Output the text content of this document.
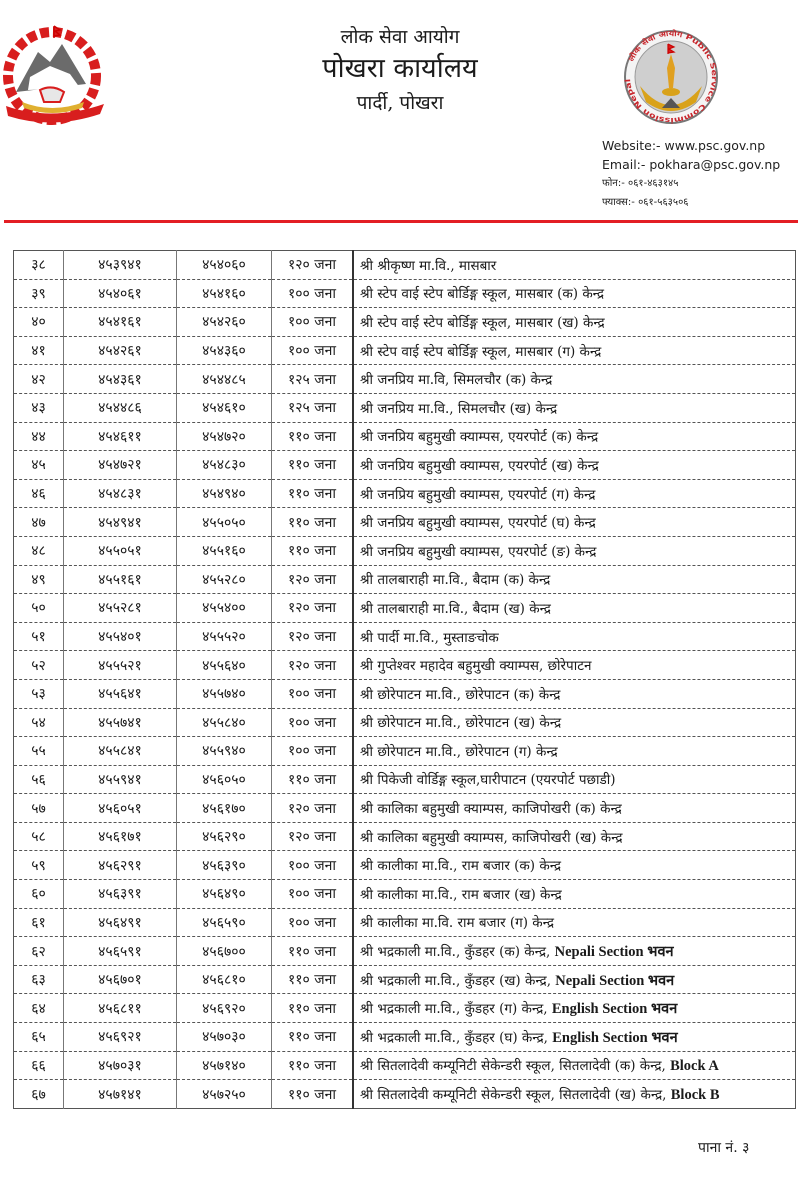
लोक सेवा आयोग
पोखरा कार्यालय
पार्दी, पोखरा
लोक सेवा आयोग Public Service Commission Nepal
Website:- www.psc.gov.np
Email:- pokhara@psc.gov.np
फोन:- ०६१-४६३१४५
फ्याक्स:- ०६१-५६३५०६
३८	४५३९४१	४५४०६०	१२० जना	श्री श्रीकृष्ण मा.वि., मासबार
३९	४५४०६१	४५४१६०	१०० जना	श्री स्टेप वाई स्टेप बोर्डिङ्ग स्कूल, मासबार (क) केन्द्र
४०	४५४१६१	४५४२६०	१०० जना	श्री स्टेप वाई स्टेप बोर्डिङ्ग स्कूल, मासबार (ख) केन्द्र
४१	४५४२६१	४५४३६०	१०० जना	श्री स्टेप वाई स्टेप बोर्डिङ्ग स्कूल, मासबार (ग) केन्द्र
४२	४५४३६१	४५४४८५	१२५ जना	श्री जनप्रिय मा.वि, सिमलचौर (क) केन्द्र
४३	४५४४८६	४५४६१०	१२५ जना	श्री जनप्रिय मा.वि., सिमलचौर (ख) केन्द्र
४४	४५४६११	४५४७२०	११० जना	श्री जनप्रिय बहुमुखी क्याम्पस, एयरपोर्ट (क) केन्द्र
४५	४५४७२१	४५४८३०	११० जना	श्री जनप्रिय बहुमुखी क्याम्पस, एयरपोर्ट (ख) केन्द्र
४६	४५४८३१	४५४९४०	११० जना	श्री जनप्रिय बहुमुखी क्याम्पस, एयरपोर्ट (ग) केन्द्र
४७	४५४९४१	४५५०५०	११० जना	श्री जनप्रिय बहुमुखी क्याम्पस, एयरपोर्ट (घ) केन्द्र
४८	४५५०५१	४५५१६०	११० जना	श्री जनप्रिय बहुमुखी क्याम्पस, एयरपोर्ट (ङ) केन्द्र
४९	४५५१६१	४५५२८०	१२० जना	श्री तालबाराही मा.वि., बैदाम (क) केन्द्र
५०	४५५२८१	४५५४००	१२० जना	श्री तालबाराही मा.वि., बैदाम (ख) केन्द्र
५१	४५५४०१	४५५५२०	१२० जना	श्री पार्दी मा.वि., मुस्ताङचोक
५२	४५५५२१	४५५६४०	१२० जना	श्री गुप्तेश्वर महादेव बहुमुखी क्याम्पस, छोरेपाटन
५३	४५५६४१	४५५७४०	१०० जना	श्री छोरेपाटन मा.वि., छोरेपाटन (क) केन्द्र
५४	४५५७४१	४५५८४०	१०० जना	श्री छोरेपाटन मा.वि., छोरेपाटन (ख) केन्द्र
५५	४५५८४१	४५५९४०	१०० जना	श्री छोरेपाटन मा.वि., छोरेपाटन (ग) केन्द्र
५६	४५५९४१	४५६०५०	११० जना	श्री पिकेजी वोर्डिङ्ग स्कूल,घारीपाटन (एयरपोर्ट पछाडी)
५७	४५६०५१	४५६१७०	१२० जना	श्री कालिका बहुमुखी क्याम्पस, काजिपोखरी (क) केन्द्र
५८	४५६१७१	४५६२९०	१२० जना	श्री कालिका बहुमुखी क्याम्पस, काजिपोखरी (ख) केन्द्र
५९	४५६२९१	४५६३९०	१०० जना	श्री कालीका मा.वि., राम बजार (क) केन्द्र
६०	४५६३९१	४५६४९०	१०० जना	श्री कालीका मा.वि., राम बजार (ख) केन्द्र
६१	४५६४९१	४५६५९०	१०० जना	श्री कालीका मा.वि. राम बजार (ग) केन्द्र
६२	४५६५९१	४५६७००	११० जना	श्री भद्रकाली मा.वि., कुँडहर (क) केन्द्र, Nepali Section भवन
६३	४५६७०१	४५६८१०	११० जना	श्री भद्रकाली मा.वि., कुँडहर (ख) केन्द्र, Nepali Section भवन
६४	४५६८११	४५६९२०	११० जना	श्री भद्रकाली मा.वि., कुँडहर (ग) केन्द्र, English Section भवन
६५	४५६९२१	४५७०३०	११० जना	श्री भद्रकाली मा.वि., कुँडहर (घ) केन्द्र, English Section भवन
६६	४५७०३१	४५७१४०	११० जना	श्री सितलादेवी कम्यूनिटी सेकेन्डरी स्कूल, सितलादेवी (क) केन्द्र, Block A
६७	४५७१४१	४५७२५०	११० जना	श्री सितलादेवी कम्यूनिटी सेकेन्डरी स्कूल, सितलादेवी (ख) केन्द्र, Block B
पाना नं. ३
